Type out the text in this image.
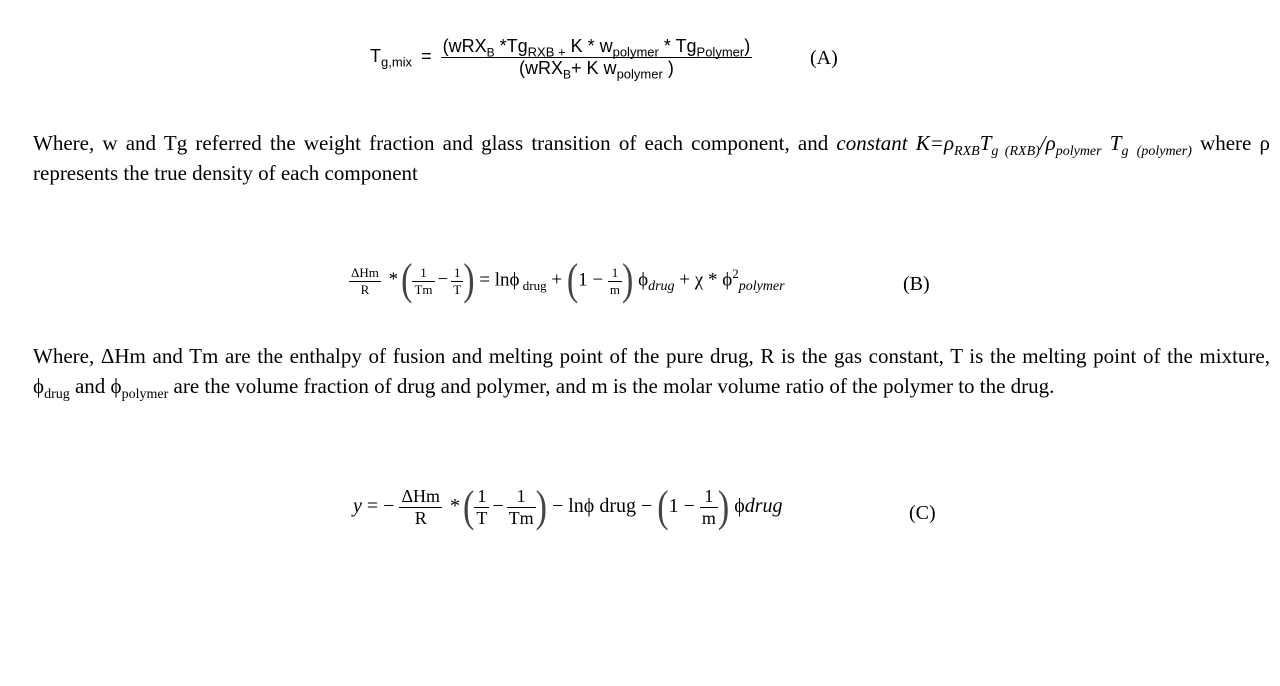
$T_{g,mix} = \frac{(wRX_B *Tg_{RXB +} K * w_{polymer} * Tg_{Polymer})}{(wRX_B+ K w_{polymer} )}$	(A)
Where, w and Tg referred the weight fraction and glass transition of each component, and constant $K=\rho_{RXB}T_{g (RXB)}/\rho_{polymer}$ $T_g$ $_{(polymer)}$ where ρ represents the true density of each component
$\frac{\text{ΔHm}}{R}$ *( $\frac{1}{Tm} - \frac{1}{T}$ ) = lnϕ $_{drug} + (1 - \frac{1}{m}$ ) $\phi_{drug} + \chi * \phi^2_{polymer}$	(B)
Where, ΔHm and Tm are the enthalpy of fusion and melting point of the pure drug, R is the gas constant, T is the melting point of the mixture, $\phi_{drug}$ and $\phi_{polymer}$ are the volume fraction of drug and polymer, and m is the molar volume ratio of the polymer to the drug.
y = − $\frac{\text{ΔHm}}{R}$ *( $\frac{1}{T} - \frac{1}{Tm}$ ) − lnϕ drug − ($1 - \frac{1}{m}$ ) ϕdrug	(C)
